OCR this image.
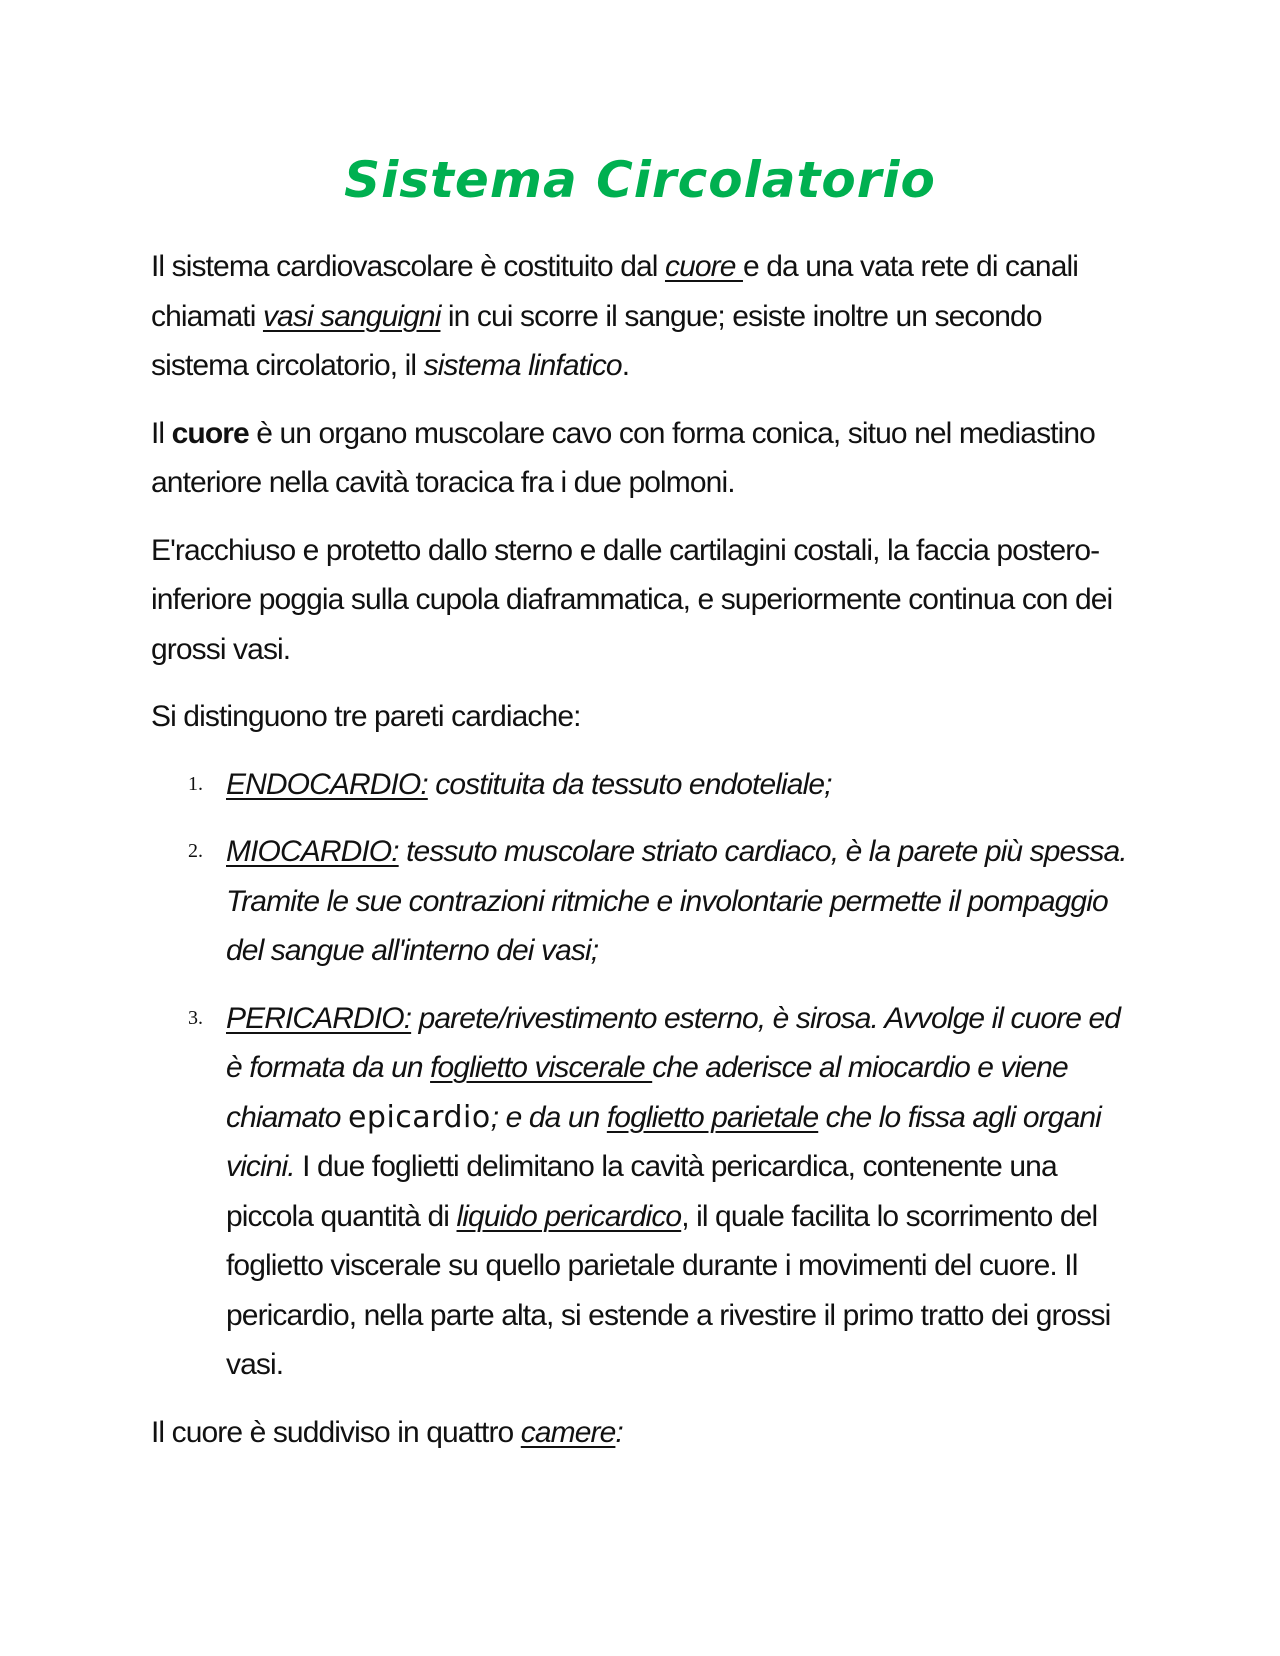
Sistema Circolatorio

Il sistema cardiovascolare è costituito dal cuore e da una vata rete di canali chiamati vasi sanguigni in cui scorre il sangue; esiste inoltre un secondo sistema circolatorio, il sistema linfatico.

Il cuore è un organo muscolare cavo con forma conica, situo nel mediastino anteriore nella cavità toracica fra i due polmoni.

E'racchiuso e protetto dallo sterno e dalle cartilagini costali, la faccia postero-inferiore poggia sulla cupola diaframmatica, e superiormente continua con dei grossi vasi.

Si distinguono tre pareti cardiache:

1. ENDOCARDIO: costituita da tessuto endoteliale;
2. MIOCARDIO: tessuto muscolare striato cardiaco, è la parete più spessa. Tramite le sue contrazioni ritmiche e involontarie permette il pompaggio del sangue all'interno dei vasi;
3. PERICARDIO: parete/rivestimento esterno, è sirosa. Avvolge il cuore ed è formata da un foglietto viscerale che aderisce al miocardio e viene chiamato epicardio; e da un foglietto parietale che lo fissa agli organi vicini. I due foglietti delimitano la cavità pericardica, contenente una piccola quantità di liquido pericardico, il quale facilita lo scorrimento del foglietto viscerale su quello parietale durante i movimenti del cuore. Il pericardio, nella parte alta, si estende a rivestire il primo tratto dei grossi vasi.

Il cuore è suddiviso in quattro camere:
